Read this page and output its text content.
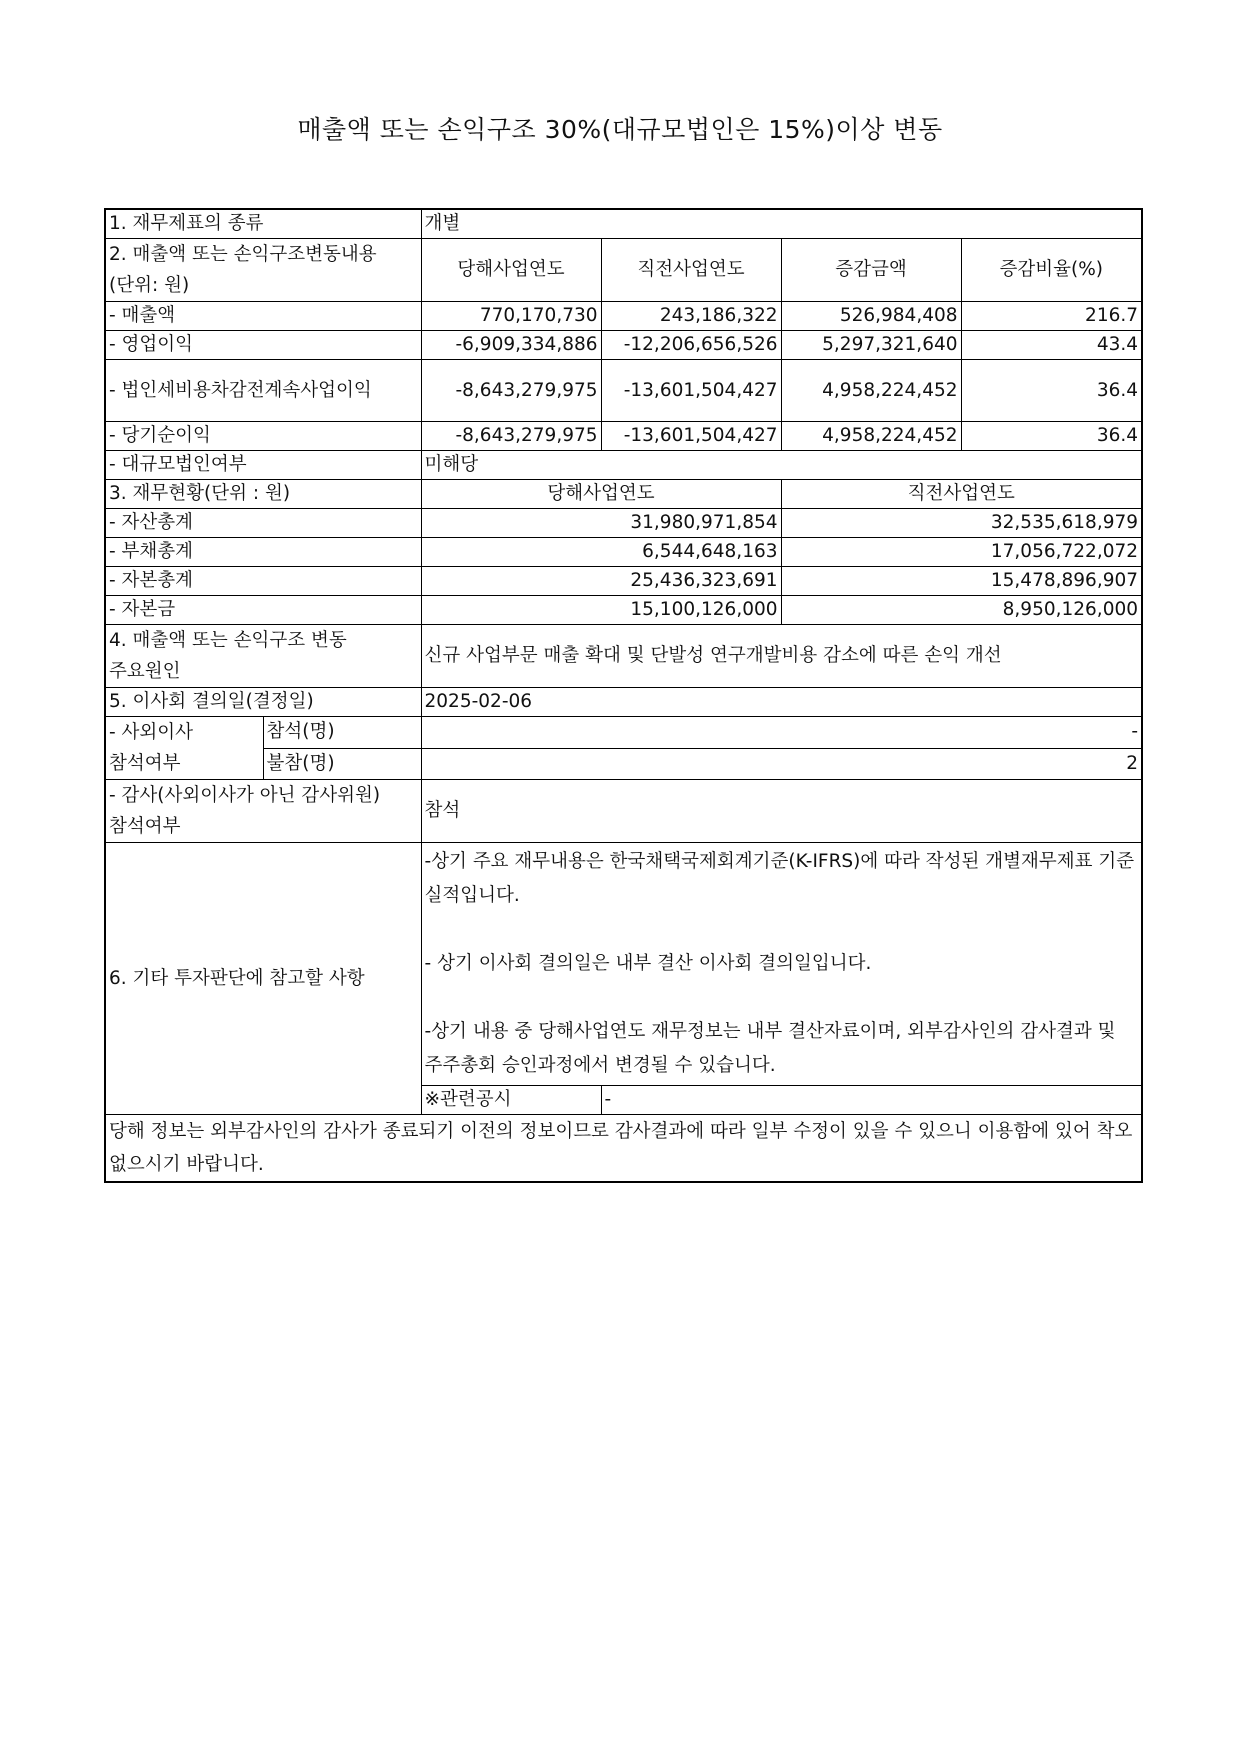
매출액 또는 손익구조 30%(대규모법인은 15%)이상 변동
1. 재무제표의 종류		개별			
2. 매출액 또는 손익구조변동내용(단위: 원)		당해사업연도	직전사업연도	증감금액	증감비율(%)
- 매출액		770,170,730	243,186,322	526,984,408	216.7
- 영업이익		-6,909,334,886	-12,206,656,526	5,297,321,640	43.4
- 법인세비용차감전계속사업이익		-8,643,279,975	-13,601,504,427	4,958,224,452	36.4
- 당기순이익		-8,643,279,975	-13,601,504,427	4,958,224,452	36.4
- 대규모법인여부		미해당			
3. 재무현황(단위 : 원)		당해사업연도		직전사업연도	
- 자산총계		31,980,971,854		32,535,618,979	
- 부채총계		6,544,648,163		17,056,722,072	
- 자본총계		25,436,323,691		15,478,896,907	
- 자본금		15,100,126,000		8,950,126,000	
4. 매출액 또는 손익구조 변동 주요원인		신규 사업부문 매출 확대 및 단발성 연구개발비용 감소에 따른 손익 개선			
5. 이사회 결의일(결정일)		2025-02-06			
- 사외이사 참석여부	참석(명)	-			
	불참(명)	2			
- 감사(사외이사가 아닌 감사위원)참석여부		참석			
6. 기타 투자판단에 참고할 사항		-상기 주요 재무내용은 한국채택국제회계기준(K-IFRS)에 따라 작성된 개별재무제표 기준 실적입니다.

- 상기 이사회 결의일은 내부 결산 이사회 결의일입니다.

-상기 내용 중 당해사업연도 재무정보는 내부 결산자료이며, 외부감사인의 감사결과 및 주주총회 승인과정에서 변경될 수 있습니다.			

		※관련공시	-		
당해 정보는 외부감사인의 감사가 종료되기 이전의 정보이므로 감사결과에 따라 일부 수정이 있을 수 있으니 이용함에 있어 착오 없으시기 바랍니다.					
